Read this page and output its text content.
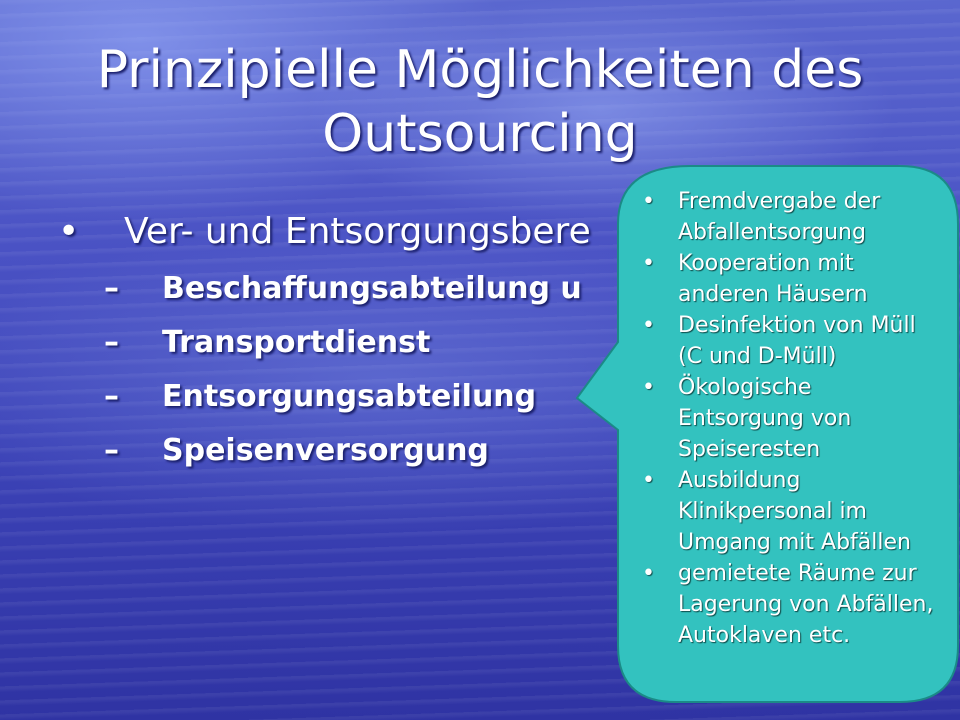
Prinzipielle Möglichkeiten des
Outsourcing
• Ver- und Entsorgungsbere
– Beschaffungsabteilung u
– Transportdienst
– Entsorgungsabteilung
– Speisenversorgung
• Fremdvergabe der Abfallentsorgung
• Kooperation mit anderen Häusern
• Desinfektion von Müll (C und D-Müll)
• Ökologische Entsorgung von Speiseresten
• Ausbildung Klinikpersonal im Umgang mit Abfällen
• gemietete Räume zur Lagerung von Abfällen, Autoklaven etc.
